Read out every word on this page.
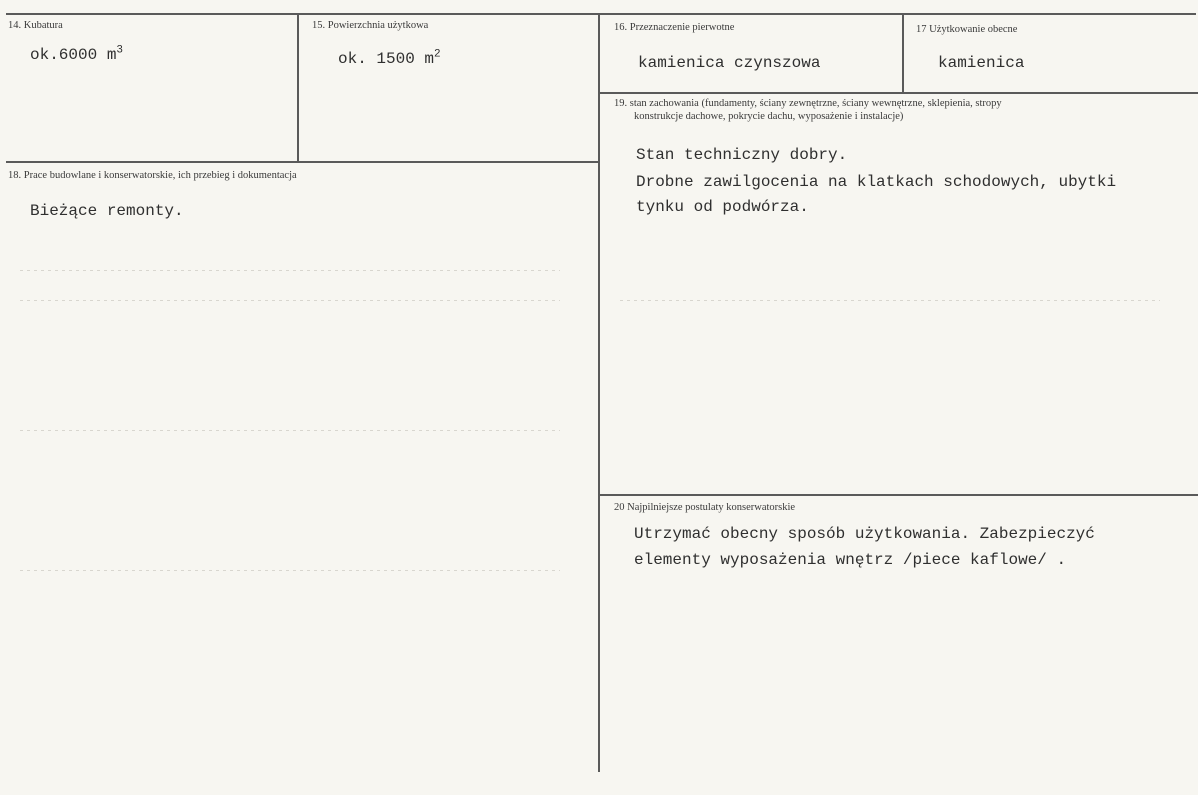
14. Kubatura
ok.6000 $m^3$
15. Powierzchnia użytkowa
ok. 1500 $m^2$
16. Przeznaczenie pierwotne
kamienica czynszowa
17 Użytkowanie obecne
kamienica
18. Prace budowlane i konserwatorskie, ich przebieg i dokumentacja
Bieżące remonty.
19. stan zachowania (fundamenty, ściany zewnętrzne, ściany wewnętrzne, sklepienia, stropy
konstrukcje dachowe, pokrycie dachu, wyposażenie i instalacje)
Stan techniczny dobry.
Drobne zawilgocenia na klatkach schodowych, ubytki
tynku od podwórza.
20 Najpilniejsze postulaty konserwatorskie
Utrzymać obecny sposób użytkowania. Zabezpieczyć
elementy wyposażenia wnętrz /piece kaflowe/ .
